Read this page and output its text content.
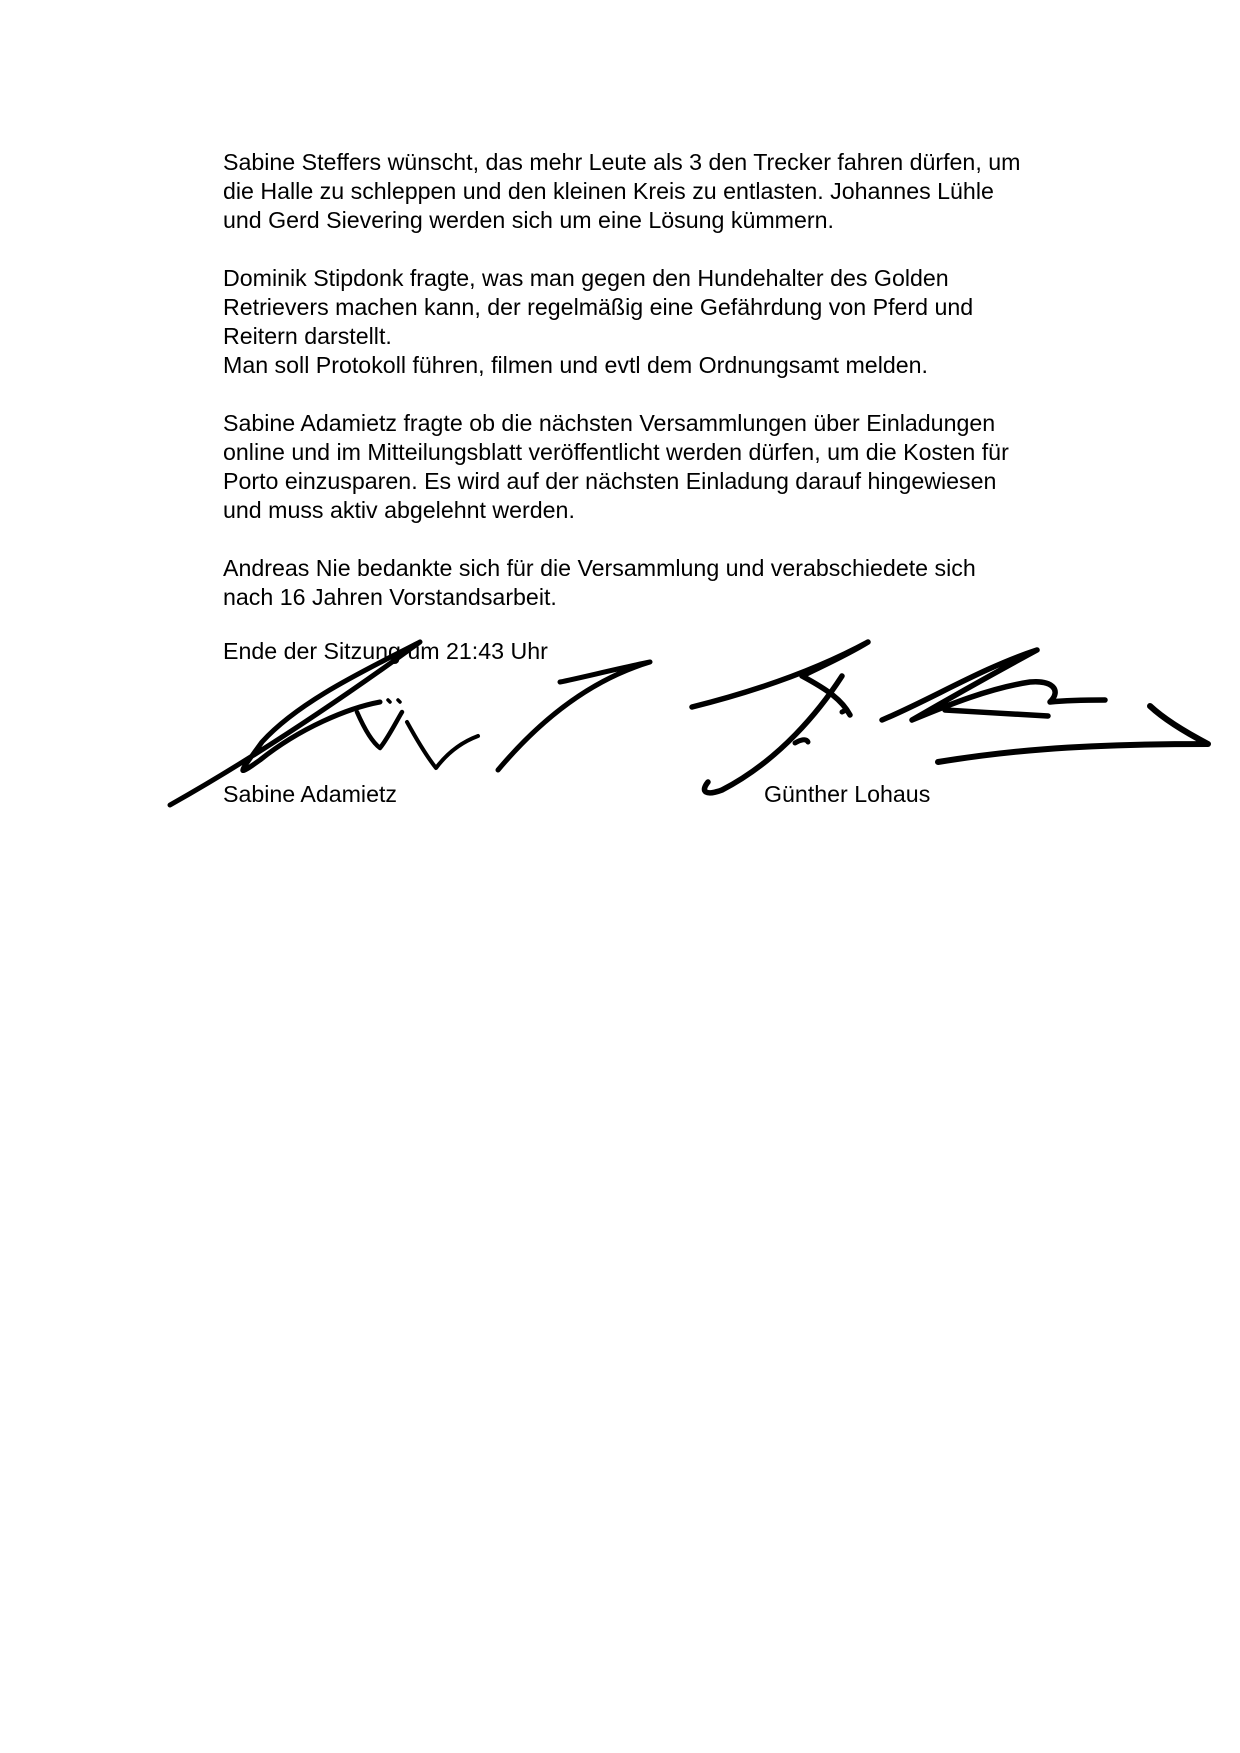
Sabine Steffers wünscht, das mehr Leute als 3 den Trecker fahren dürfen, um
die Halle zu schleppen und den kleinen Kreis zu entlasten. Johannes Lühle
und Gerd Sievering werden sich um eine Lösung kümmern.

Dominik Stipdonk fragte, was man gegen den Hundehalter des Golden
Retrievers machen kann, der regelmäßig eine Gefährdung von Pferd und
Reitern darstellt.
Man soll Protokoll führen, filmen und evtl dem Ordnungsamt melden.

Sabine Adamietz fragte ob die nächsten Versammlungen über Einladungen
online und im Mitteilungsblatt veröffentlicht werden dürfen, um die Kosten für
Porto einzusparen. Es wird auf der nächsten Einladung darauf hingewiesen
und muss aktiv abgelehnt werden.

Andreas Nie bedankte sich für die Versammlung und verabschiedete sich
nach 16 Jahren Vorstandsarbeit.

Ende der Sitzung um 21:43 Uhr
Sabine Adamietz	Günther Lohaus
